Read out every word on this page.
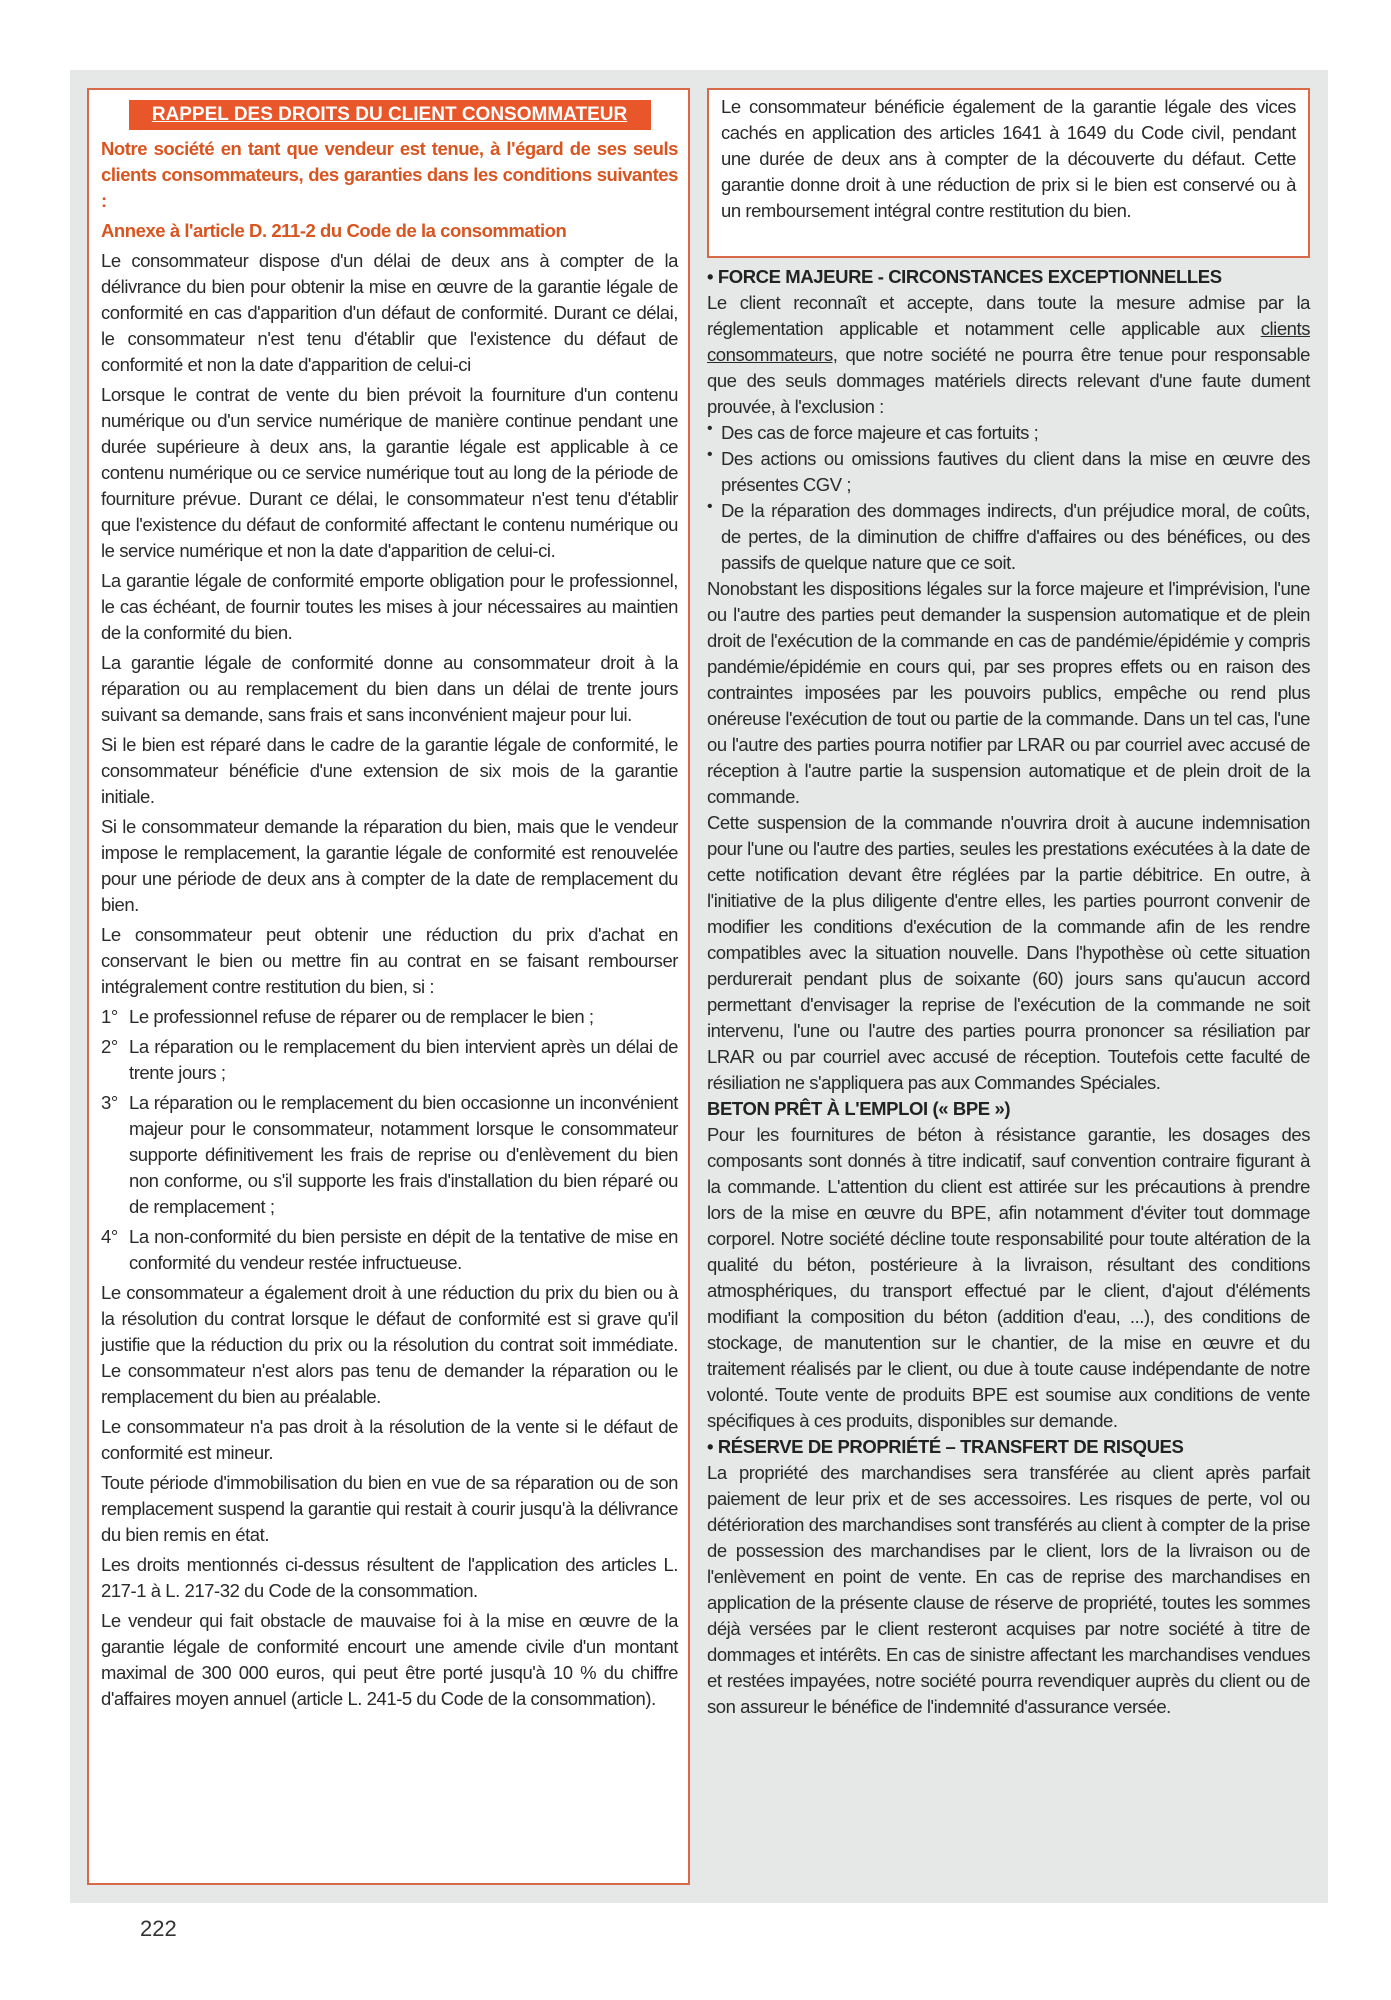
RAPPEL DES DROITS DU CLIENT CONSOMMATEUR
Notre société en tant que vendeur est tenue, à l'égard de ses seuls clients consommateurs, des garanties dans les conditions suivantes :
Annexe à l'article D. 211-2 du Code de la consommation

Le consommateur dispose d'un délai de deux ans à compter de la délivrance du bien pour obtenir la mise en œuvre de la garantie légale de conformité en cas d'apparition d'un défaut de conformité. Durant ce délai, le consommateur n'est tenu d'établir que l'existence du défaut de conformité et non la date d'apparition de celui-ci

Lorsque le contrat de vente du bien prévoit la fourniture d'un contenu numérique ou d'un service numérique de manière continue pendant une durée supérieure à deux ans, la garantie légale est applicable à ce contenu numérique ou ce service numérique tout au long de la période de fourniture prévue. Durant ce délai, le consommateur n'est tenu d'établir que l'existence du défaut de conformité affectant le contenu numérique ou le service numérique et non la date d'apparition de celui-ci.

La garantie légale de conformité emporte obligation pour le professionnel, le cas échéant, de fournir toutes les mises à jour nécessaires au maintien de la conformité du bien.

La garantie légale de conformité donne au consommateur droit à la réparation ou au remplacement du bien dans un délai de trente jours suivant sa demande, sans frais et sans inconvénient majeur pour lui.

Si le bien est réparé dans le cadre de la garantie légale de conformité, le consommateur bénéficie d'une extension de six mois de la garantie initiale.

Si le consommateur demande la réparation du bien, mais que le vendeur impose le remplacement, la garantie légale de conformité est renouvelée pour une période de deux ans à compter de la date de remplacement du bien.

Le consommateur peut obtenir une réduction du prix d'achat en conservant le bien ou mettre fin au contrat en se faisant rembourser intégralement contre restitution du bien, si :

1° Le professionnel refuse de réparer ou de remplacer le bien ;
2° La réparation ou le remplacement du bien intervient après un délai de trente jours ;
3° La réparation ou le remplacement du bien occasionne un inconvénient majeur pour le consommateur, notamment lorsque le consommateur supporte définitivement les frais de reprise ou d'enlèvement du bien non conforme, ou s'il supporte les frais d'installation du bien réparé ou de remplacement ;
4° La non-conformité du bien persiste en dépit de la tentative de mise en conformité du vendeur restée infructueuse.

Le consommateur a également droit à une réduction du prix du bien ou à la résolution du contrat lorsque le défaut de conformité est si grave qu'il justifie que la réduction du prix ou la résolution du contrat soit immédiate. Le consommateur n'est alors pas tenu de demander la réparation ou le remplacement du bien au préalable.

Le consommateur n'a pas droit à la résolution de la vente si le défaut de conformité est mineur.

Toute période d'immobilisation du bien en vue de sa réparation ou de son remplacement suspend la garantie qui restait à courir jusqu'à la délivrance du bien remis en état.

Les droits mentionnés ci-dessus résultent de l'application des articles L. 217-1 à L. 217-32 du Code de la consommation.

Le vendeur qui fait obstacle de mauvaise foi à la mise en œuvre de la garantie légale de conformité encourt une amende civile d'un montant maximal de 300 000 euros, qui peut être porté jusqu'à 10 % du chiffre d'affaires moyen annuel (article L. 241-5 du Code de la consommation).

Le consommateur bénéficie également de la garantie légale des vices cachés en application des articles 1641 à 1649 du Code civil, pendant une durée de deux ans à compter de la découverte du défaut. Cette garantie donne droit à une réduction de prix si le bien est conservé ou à un remboursement intégral contre restitution du bien.

• FORCE MAJEURE - CIRCONSTANCES EXCEPTIONNELLES

Le client reconnaît et accepte, dans toute la mesure admise par la réglementation applicable et notamment celle applicable aux clients consommateurs, que notre société ne pourra être tenue pour responsable que des seuls dommages matériels directs relevant d'une faute dument prouvée, à l'exclusion :

• Des cas de force majeure et cas fortuits ;
• Des actions ou omissions fautives du client dans la mise en œuvre des présentes CGV ;
• De la réparation des dommages indirects, d'un préjudice moral, de coûts, de pertes, de la diminution de chiffre d'affaires ou des bénéfices, ou des passifs de quelque nature que ce soit.

Nonobstant les dispositions légales sur la force majeure et l'imprévision, l'une ou l'autre des parties peut demander la suspension automatique et de plein droit de l'exécution de la commande en cas de pandémie/épidémie y compris pandémie/épidémie en cours qui, par ses propres effets ou en raison des contraintes imposées par les pouvoirs publics, empêche ou rend plus onéreuse l'exécution de tout ou partie de la commande. Dans un tel cas, l'une ou l'autre des parties pourra notifier par LRAR ou par courriel avec accusé de réception à l'autre partie la suspension automatique et de plein droit de la commande.

Cette suspension de la commande n'ouvrira droit à aucune indemnisation pour l'une ou l'autre des parties, seules les prestations exécutées à la date de cette notification devant être réglées par la partie débitrice. En outre, à l'initiative de la plus diligente d'entre elles, les parties pourront convenir de modifier les conditions d'exécution de la commande afin de les rendre compatibles avec la situation nouvelle. Dans l'hypothèse où cette situation perdurerait pendant plus de soixante (60) jours sans qu'aucun accord permettant d'envisager la reprise de l'exécution de la commande ne soit intervenu, l'une ou l'autre des parties pourra prononcer sa résiliation par LRAR ou par courriel avec accusé de réception. Toutefois cette faculté de résiliation ne s'appliquera pas aux Commandes Spéciales.

BETON PRÊT À L'EMPLOI (« BPE »)

Pour les fournitures de béton à résistance garantie, les dosages des composants sont donnés à titre indicatif, sauf convention contraire figurant à la commande. L'attention du client est attirée sur les précautions à prendre lors de la mise en œuvre du BPE, afin notamment d'éviter tout dommage corporel. Notre société décline toute responsabilité pour toute altération de la qualité du béton, postérieure à la livraison, résultant des conditions atmosphériques, du transport effectué par le client, d'ajout d'éléments modifiant la composition du béton (addition d'eau, ...), des conditions de stockage, de manutention sur le chantier, de la mise en œuvre et du traitement réalisés par le client, ou due à toute cause indépendante de notre volonté. Toute vente de produits BPE est soumise aux conditions de vente spécifiques à ces produits, disponibles sur demande.

• RÉSERVE DE PROPRIÉTÉ – TRANSFERT DE RISQUES

La propriété des marchandises sera transférée au client après parfait paiement de leur prix et de ses accessoires. Les risques de perte, vol ou détérioration des marchandises sont transférés au client à compter de la prise de possession des marchandises par le client, lors de la livraison ou de l'enlèvement en point de vente. En cas de reprise des marchandises en application de la présente clause de réserve de propriété, toutes les sommes déjà versées par le client resteront acquises par notre société à titre de dommages et intérêts. En cas de sinistre affectant les marchandises vendues et restées impayées, notre société pourra revendiquer auprès du client ou de son assureur le bénéfice de l'indemnité d'assurance versée.

222
